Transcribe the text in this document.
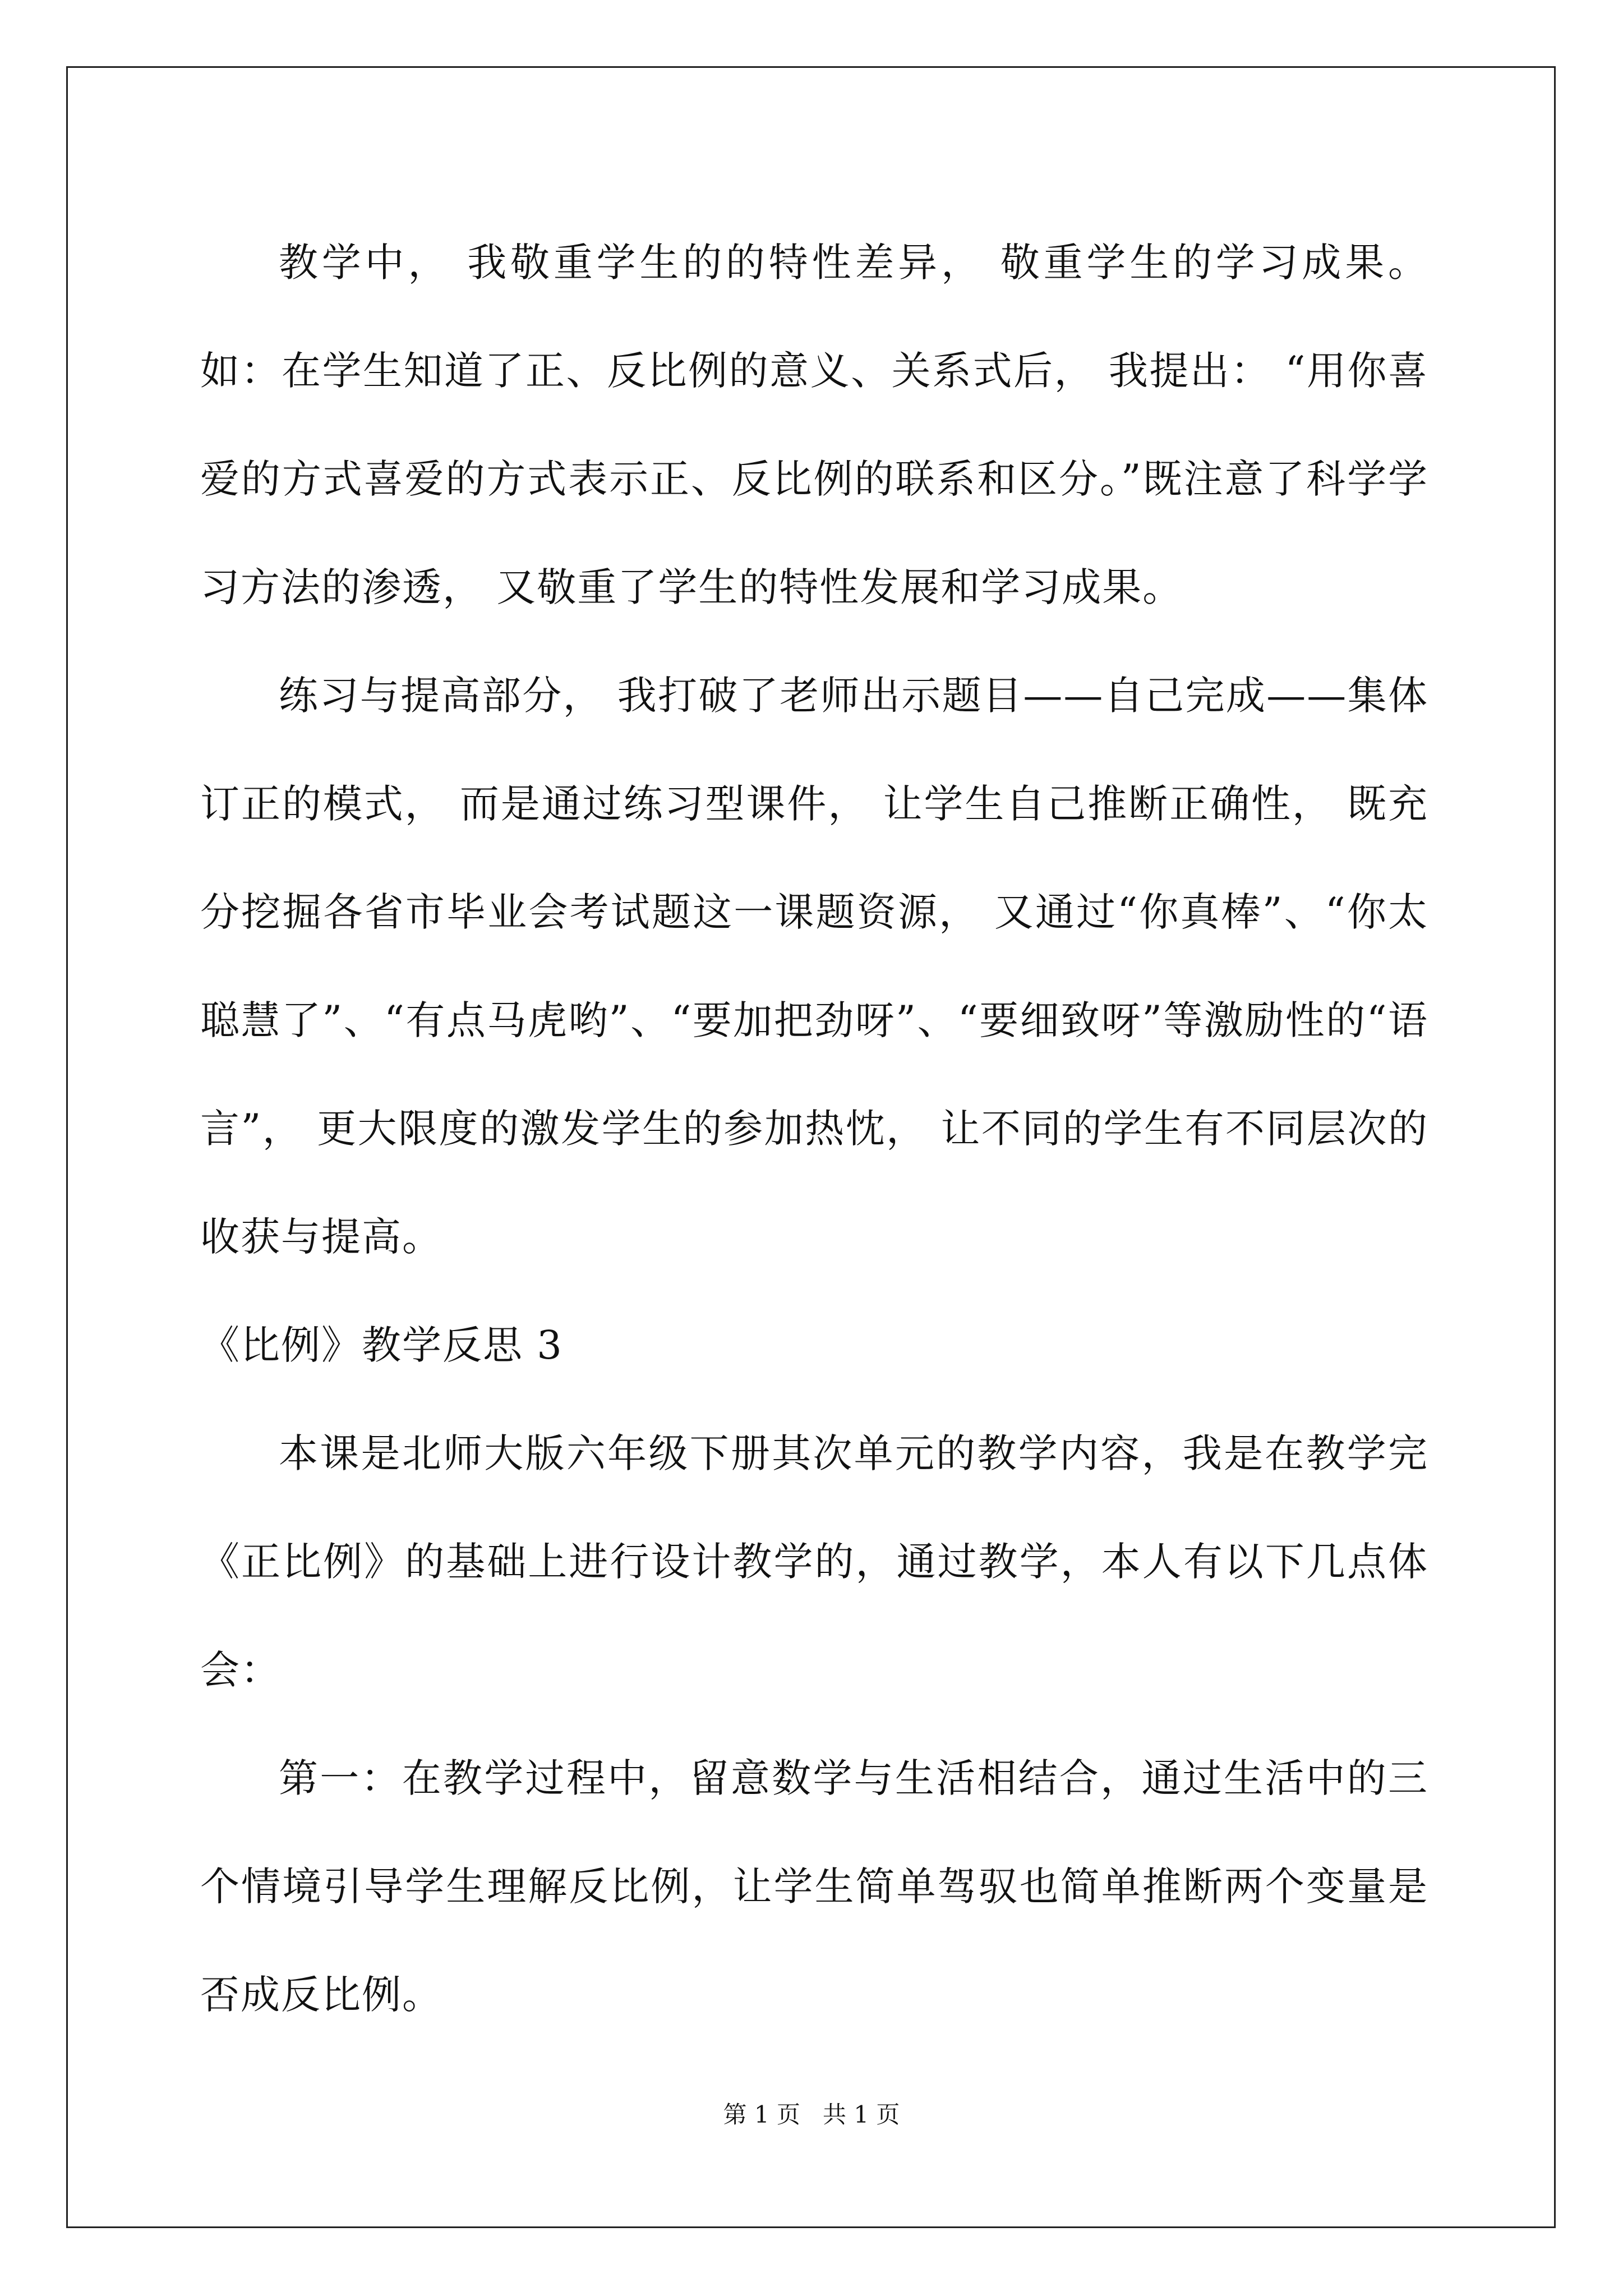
教学中， 我敬重学生的的特性差异， 敬重学生的学习成果。如：在学生知道了正、反比例的意义、关系式后， 我提出： “用你喜爱的方式喜爱的方式表示正、反比例的联系和区分。”既注意了科学学习方法的渗透， 又敬重了学生的特性发展和学习成果。

练习与提高部分， 我打破了老师出示题目——自己完成——集体订正的模式， 而是通过练习型课件， 让学生自己推断正确性， 既充分挖掘各省市毕业会考试题这一课题资源， 又通过“你真棒”、“你太聪慧了”、“有点马虎哟”、“要加把劲呀”、“要细致呀”等激励性的“语言”， 更大限度的激发学生的参加热忱， 让不同的学生有不同层次的收获与提高。

《比例》教学反思 3

本课是北师大版六年级下册其次单元的教学内容，我是在教学完《正比例》的基础上进行设计教学的，通过教学，本人有以下几点体会：

第一：在教学过程中，留意数学与生活相结合，通过生活中的三个情境引导学生理解反比例，让学生简单驾驭也简单推断两个变量是否成反比例。

第 1 页 共 1 页
